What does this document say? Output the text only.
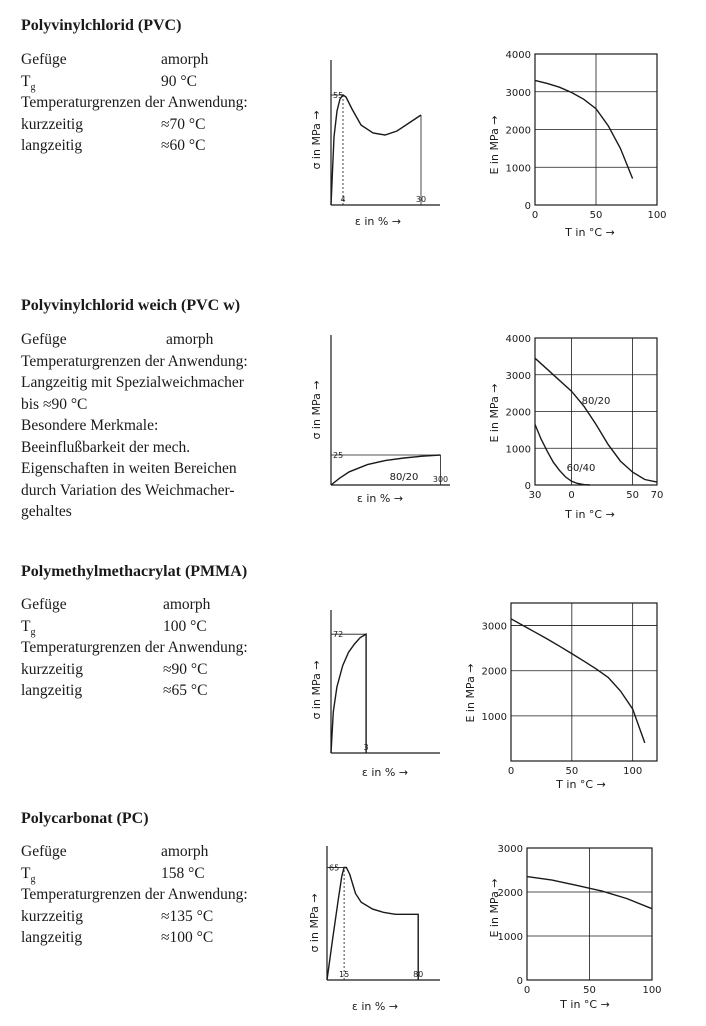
Polyvinylchlorid (PVC)
Gefüge	amorph
$T_g$	90 °C
Temperaturgrenzen der Anwendung:
kurzzeitig	≈70 °C
langzeitig	≈60 °C
Polyvinylchlorid weich (PVC w)
Gefüge	amorph
Temperaturgrenzen der Anwendung:
Langzeitig mit Spezialweichmacher
bis ≈90 °C
Besondere Merkmale:
Beeinflußbarkeit der mech.
Eigenschaften in weiten Bereichen
durch Variation des Weichmacher-
gehaltes
Polymethylmethacrylat (PMMA)
Gefüge	amorph
$T_g$	100 °C
Temperaturgrenzen der Anwendung:
kurzzeitig	≈90 °C
langzeitig	≈65 °C
Polycarbonat (PC)
Gefüge	amorph
$T_g$	158 °C
Temperaturgrenzen der Anwendung:
kurzzeitig	≈135 °C
langzeitig	≈100 °C
55
4	30
σ in MPa →
ε in % →
0
1000
2000
3000
4000
0	50	100
E in MPa →
T in °C →
25
300
80/20
σ in MPa →
ε in % →
0
1000
2000
3000
4000
30	0	50 70
80/20
60/40
E in MPa →
T in °C →
72
3
σ in MPa →
ε in % →
1000
2000
3000
0	50	100
E in MPa →
T in °C →
65
15	80
σ in MPa →
ε in % →
0
1000
2000
3000
0	50	100
E in MPa →
T in °C →
